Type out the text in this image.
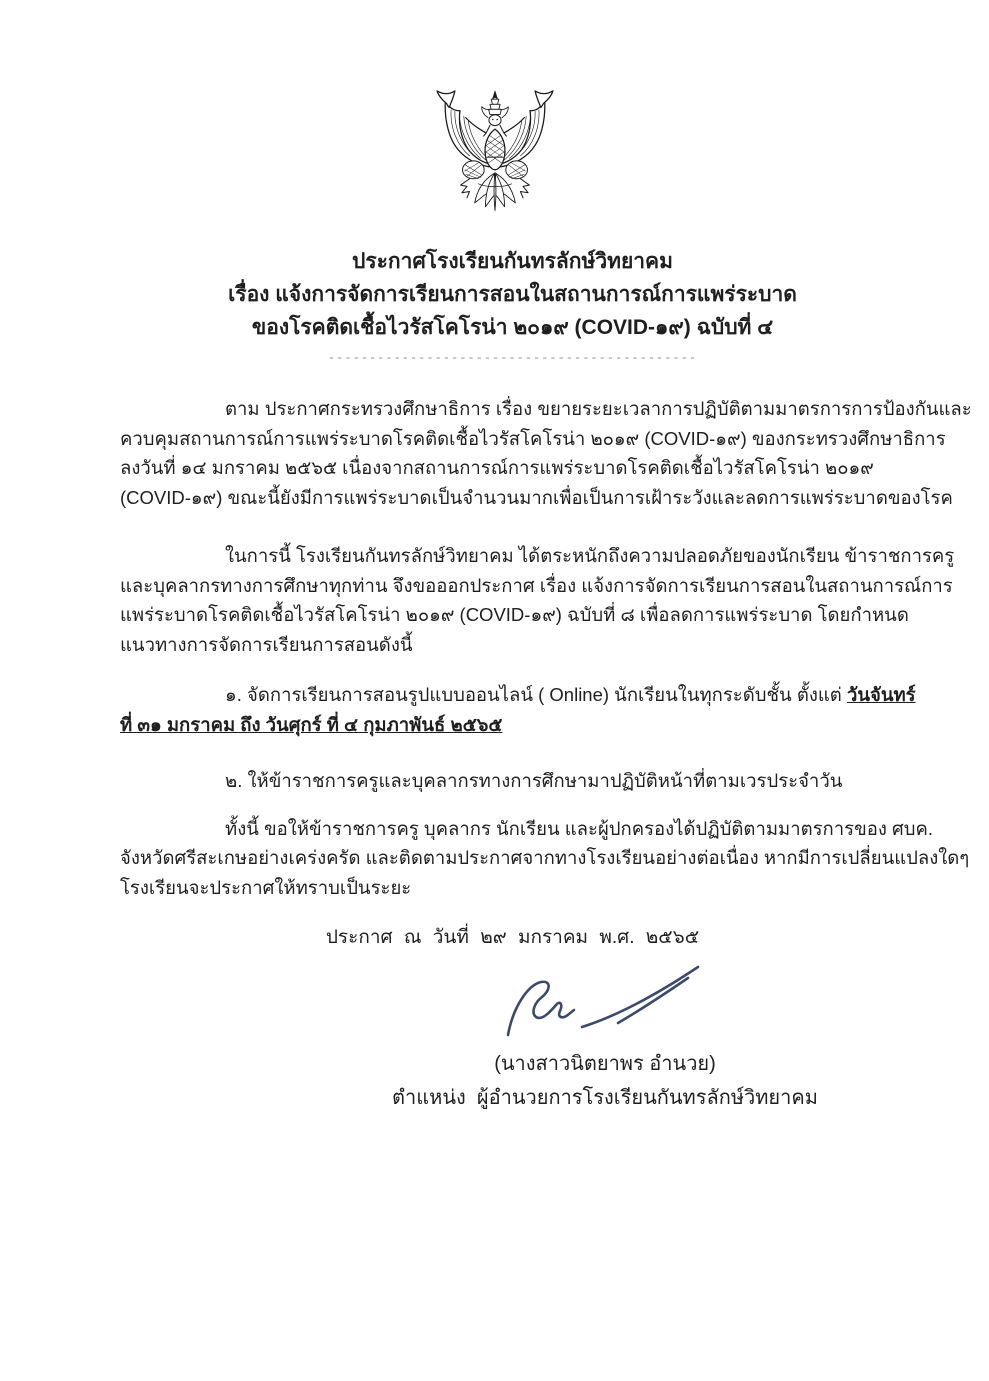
ประกาศโรงเรียนกันทรลักษ์วิทยาคม
เรื่อง แจ้งการจัดการเรียนการสอนในสถานการณ์การแพร่ระบาด
ของโรคติดเชื้อไวรัสโคโรน่า ๒๐๑๙ (COVID-๑๙) ฉบับที่ ๔
---------------------------------------------
ตาม ประกาศกระทรวงศึกษาธิการ เรื่อง ขยายระยะเวลาการปฏิบัติตามมาตรการการป้องกันและ
ควบคุมสถานการณ์การแพร่ระบาดโรคติดเชื้อไวรัสโคโรน่า ๒๐๑๙ (COVID-๑๙) ของกระทรวงศึกษาธิการ
ลงวันที่ ๑๔ มกราคม ๒๕๖๕ เนื่องจากสถานการณ์การแพร่ระบาดโรคติดเชื้อไวรัสโคโรน่า ๒๐๑๙
(COVID-๑๙) ขณะนี้ยังมีการแพร่ระบาดเป็นจำนวนมากเพื่อเป็นการเฝ้าระวังและลดการแพร่ระบาดของโรค
ในการนี้ โรงเรียนกันทรลักษ์วิทยาคม ได้ตระหนักถึงความปลอดภัยของนักเรียน ข้าราชการครู
และบุคลากรทางการศึกษาทุกท่าน จึงขอออกประกาศ เรื่อง แจ้งการจัดการเรียนการสอนในสถานการณ์การ
แพร่ระบาดโรคติดเชื้อไวรัสโคโรน่า ๒๐๑๙ (COVID-๑๙) ฉบับที่ ๘ เพื่อลดการแพร่ระบาด โดยกำหนด
แนวทางการจัดการเรียนการสอนดังนี้
๑. จัดการเรียนการสอนรูปแบบออนไลน์ ( Online) นักเรียนในทุกระดับชั้น ตั้งแต่ วันจันทร์
ที่ ๓๑ มกราคม ถึง วันศุกร์ ที่ ๔ กุมภาพันธ์ ๒๕๖๕
๒. ให้ข้าราชการครูและบุคลากรทางการศึกษามาปฏิบัติหน้าที่ตามเวรประจำวัน
ทั้งนี้ ขอให้ข้าราชการครู บุคลากร นักเรียน และผู้ปกครองได้ปฏิบัติตามมาตรการของ ศบค.
จังหวัดศรีสะเกษอย่างเคร่งครัด และติดตามประกาศจากทางโรงเรียนอย่างต่อเนื่อง หากมีการเปลี่ยนแปลงใดๆ
โรงเรียนจะประกาศให้ทราบเป็นระยะ
ประกาศ ณ วันที่ ๒๙ มกราคม พ.ศ. ๒๕๖๕
(นางสาวนิตยาพร อำนวย)
ตำแหน่ง  ผู้อำนวยการโรงเรียนกันทรลักษ์วิทยาคม
